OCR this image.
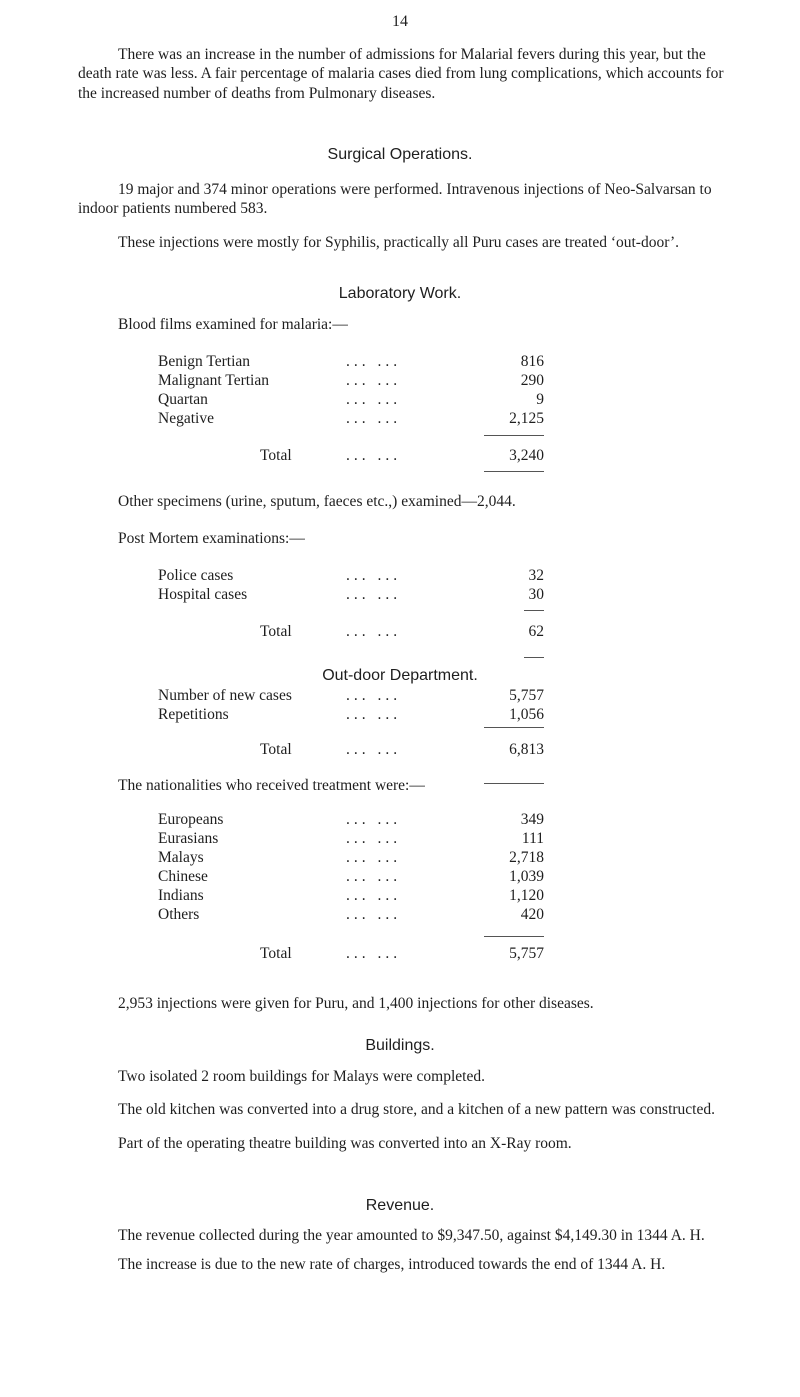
14

There was an increase in the number of admissions for Malarial fevers during this year, but the death rate was less. A fair percentage of malaria cases died from lung complications, which accounts for the increased number of deaths from Pulmonary diseases.

Surgical Operations.

19 major and 374 minor operations were performed. Intravenous injections of Neo-Salvarsan to indoor patients numbered 583.

These injections were mostly for Syphilis, practically all Puru cases are treated ‘out-door’.

Laboratory Work.
Blood films examined for malaria:—
Benign Tertian	... ...	816
Malignant Tertian	... ...	290
Quartan	... ...	9
Negative	... ...	2,125
Total	... ...	3,240
Other specimens (urine, sputum, faeces etc.,) examined—2,044.
Post Mortem examinations:—
Police cases	... ...	32
Hospital cases	... ...	30
Total	... ...	62
Out-door Department.
Number of new cases	... ...	5,757
Repetitions	... ...	1,056
Total	... ...	6,813
The nationalities who received treatment were:—
Europeans	... ...	349
Eurasians	... ...	111
Malays	... ...	2,718
Chinese	... ...	1,039
Indians	... ...	1,120
Others	... ...	420
Total	... ...	5,757
2,953 injections were given for Puru, and 1,400 injections for other diseases.
Buildings.

Two isolated 2 room buildings for Malays were completed.

The old kitchen was converted into a drug store, and a kitchen of a new pattern was constructed.

Part of the operating theatre building was converted into an X-Ray room.

Revenue.

The revenue collected during the year amounted to $9,347.50, against $4,149.30 in 1344 A. H.

The increase is due to the new rate of charges, introduced towards the end of 1344 A. H.
